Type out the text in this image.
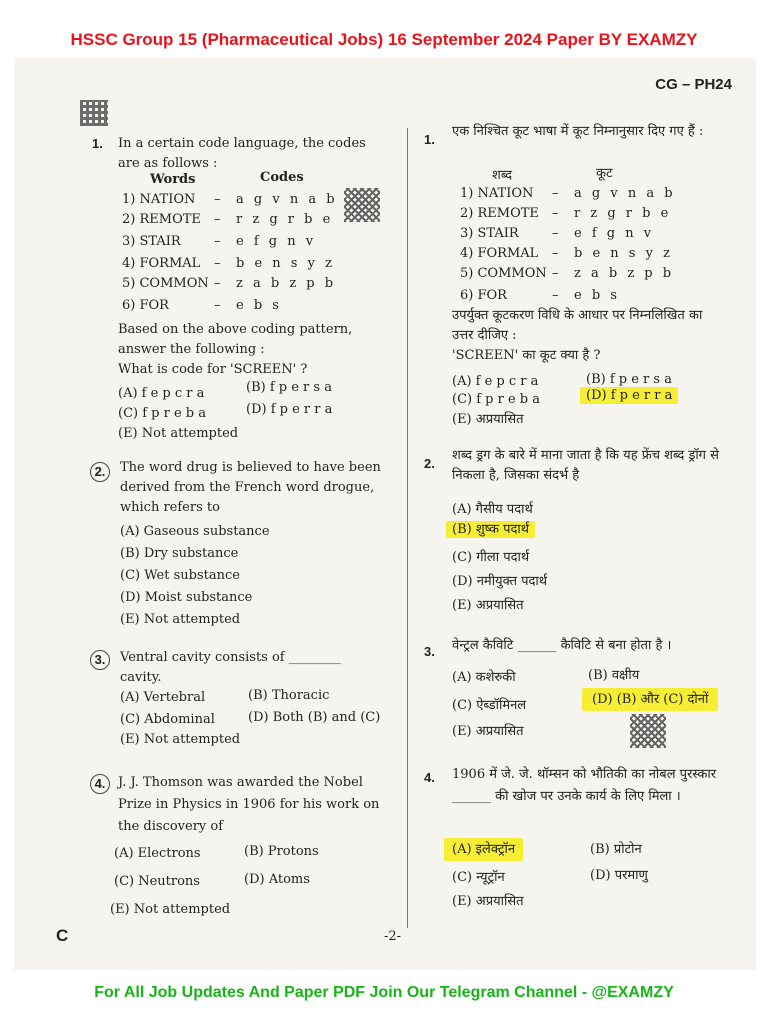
HSSC Group 15 (Pharmaceutical Jobs) 16 September 2024 Paper BY EXAMZY
CG – PH24
1. In a certain code language, the codes are as follows :
Words	Codes
1) NATION – a g v n a b
2) REMOTE – r z g r b e
3) STAIR	– e f g n v
4) FORMAL – b e n s y z
5) COMMON – z a b z p b
6) FOR	– e b s
Based on the above coding pattern, answer the following :
What is code for 'SCREEN' ?
(A) f e p c r a	(B) f p e r s a
(C) f p r e b a	(D) f p e r r a
(E) Not attempted
2.	The word drug is believed to have been derived from the French word drogue, which refers to
(A) Gaseous substance
(B) Dry substance
(C) Wet substance
(D) Moist substance
(E) Not attempted
3.	Ventral cavity consists of ________ cavity.
(A) Vertebral	(B) Thoracic
(C) Abdominal	(D) Both (B) and (C)
(E) Not attempted
4. J. J. Thomson was awarded the Nobel Prize in Physics in 1906 for his work on the discovery of
(A) Electrons	(B) Protons
(C) Neutrons	(D) Atoms
(E) Not attempted
1.
एक निश्चित कूट भाषा में कूट निम्नानुसार दिए गए हैं :
शब्द	कूट
1) NATION – a g v n a b
2) REMOTE – r z g r b e
3) STAIR	– e f g n v
4) FORMAL – b e n s y z
5) COMMON – z a b z p b
6) FOR	– e b s
उपर्युक्त कूटकरण विधि के आधार पर निम्नलिखित का उत्तर दीजिए :
'SCREEN' का कूट क्या है ?
(A) f e p c r a	(B) f p e r s a
(C) f p r e b a	(D) f p e r r a
(E) अप्रयासित
2.
शब्द ड्रग के बारे में माना जाता है कि यह फ्रेंच शब्द ड्रॉग से निकला है, जिसका संदर्भ है
(A) गैसीय पदार्थ
(B) शुष्क पदार्थ
(C) गीला पदार्थ
(D) नमीयुक्त पदार्थ
(E) अप्रयासित
3. वेन्ट्रल कैविटि ______ कैविटि से बना होता है ।
(A) कशेरुकी	(B) वक्षीय
(C) ऐब्डॉमिनल	(D) (B) और (C) दोनों
(E) अप्रयासित
4. 1906 में जे. जे. थॉम्सन को भौतिकी का नोबल पुरस्कार ______ की खोज पर उनके कार्य के लिए मिला ।
(A) इलेक्ट्रॉन	(B) प्रोटोन
(C) न्यूट्रॉन	(D) परमाणु
(E) अप्रयासित
C	-2-
For All Job Updates And Paper PDF Join Our Telegram Channel - @EXAMZY
